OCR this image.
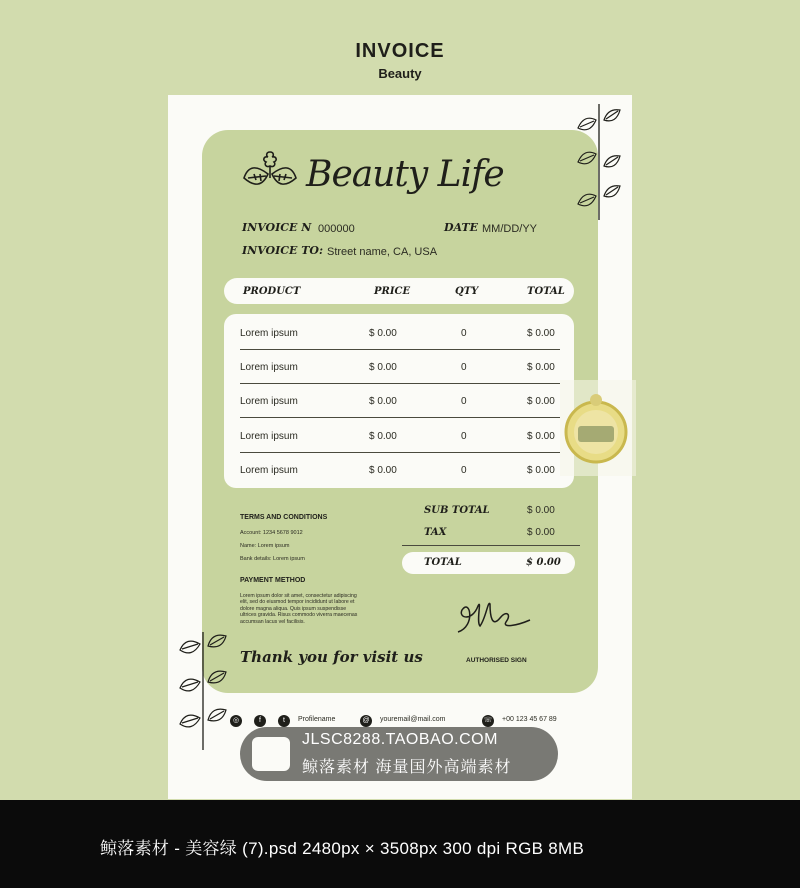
INVOICE
Beauty
Beauty Life
INVOICE N 000000	DATE MM/DD/YY
INVOICE TO: Street name, CA, USA
PRODUCT	PRICE	QTY	TOTAL
Lorem ipsum	$ 0.00	0	$ 0.00
Lorem ipsum	$ 0.00	0	$ 0.00
Lorem ipsum	$ 0.00	0	$ 0.00
Lorem ipsum	$ 0.00	0	$ 0.00
Lorem ipsum	$ 0.00	0	$ 0.00
TERMS AND CONDITIONS
Account: 1234 5678 9012
Name: Lorem ipsum
Bank details: Lorem ipsum
PAYMENT METHOD
Lorem ipsum dolor sit amet, consectetur adipiscing elit, sed do eiusmod tempor incididunt ut labore et dolore magna aliqua. Quis ipsum suspendisse ultrices gravida. Risus commodo viverra maecenas accumsan lacus vel facilisis.
SUB TOTAL	$ 0.00
TAX	$ 0.00
TOTAL	$ 0.00
AUTHORISED SIGN
Thank you for visit us
◎	f	t	Profilename	@	youremail@mail.com	☏ +00 123 45 67 89
JLSC8288.TAOBAO.COM
鲸落素材 海量国外高端素材
鲸落素材 - 美容绿 (7).psd 2480px × 3508px 300 dpi RGB 8MB
